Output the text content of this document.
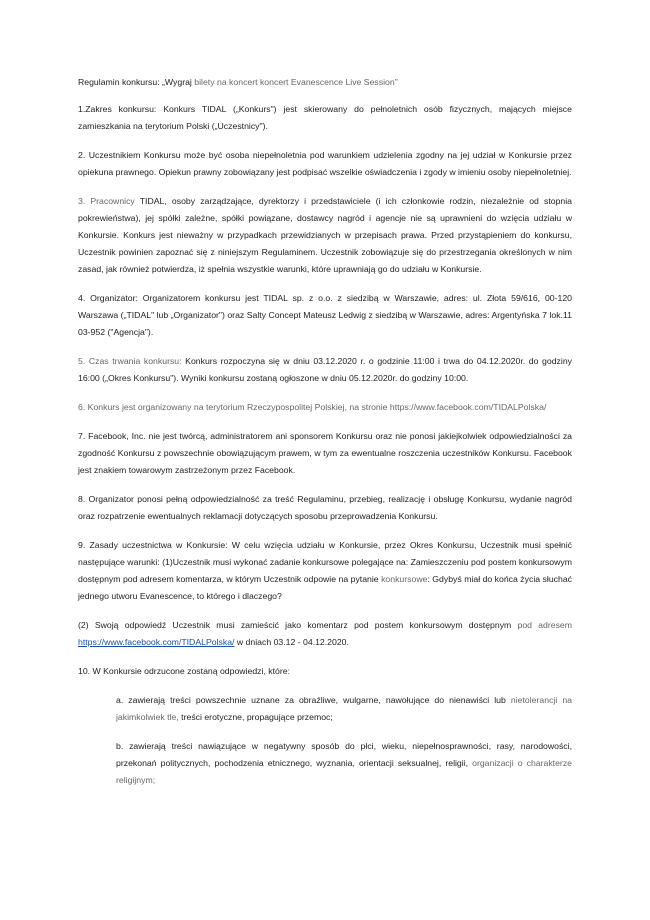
Regulamin konkursu: „Wygraj bilety na koncert koncert Evanescence Live Session"

1.Zakres konkursu: Konkurs TIDAL („Konkurs") jest skierowany do pełnoletnich osób fizycznych, mających miejsce zamieszkania na terytorium Polski („Uczestnicy").

2. Uczestnikiem Konkursu może być osoba niepełnoletnia pod warunkiem udzielenia zgodny na jej udział w Konkursie przez opiekuna prawnego. Opiekun prawny zobowiązany jest podpisać wszelkie oświadczenia i zgody w imieniu osoby niepełnoletniej.

3. Pracownicy TIDAL, osoby zarządzające, dyrektorzy i przedstawiciele (i ich członkowie rodzin, niezależnie od stopnia pokrewieństwa), jej spółki zależne, spółki powiązane, dostawcy nagród i agencje nie są uprawnieni do wzięcia udziału w Konkursie. Konkurs jest nieważny w przypadkach przewidzianych w przepisach prawa. Przed przystąpieniem do konkursu, Uczestnik powinien zapoznać się z niniejszym Regulaminem. Uczestnik zobowiązuje się do przestrzegania określonych w nim zasad, jak również potwierdza, iż spełnia wszystkie warunki, które uprawniają go do udziału w Konkursie.

4. Organizator: Organizatorem konkursu jest TIDAL sp. z o.o. z siedzibą w Warszawie, adres: ul. Złota 59/616, 00-120 Warszawa („TIDAL" lub „Organizator") oraz Salty Concept Mateusz Ledwig z siedzibą w Warszawie, adres: Argentyńska 7 lok.11 03-952 ("Agencja").

5. Czas trwania konkursu: Konkurs rozpoczyna się w dniu 03.12.2020 r. o godzinie 11:00 i trwa do 04.12.2020r. do godziny 16:00 („Okres Konkursu"). Wyniki konkursu zostaną ogłoszone w dniu 05.12.2020r. do godziny 10:00.

6. Konkurs jest organizowany na terytorium Rzeczypospolitej Polskiej, na stronie https://www.facebook.com/TIDALPolska/

7. Facebook, Inc. nie jest twórcą, administratorem ani sponsorem Konkursu oraz nie ponosi jakiejkolwiek odpowiedzialności za zgodność Konkursu z powszechnie obowiązującym prawem, w tym za ewentualne roszczenia uczestników Konkursu. Facebook jest znakiem towarowym zastrzeżonym przez Facebook.

8. Organizator ponosi pełną odpowiedzialność za treść Regulaminu, przebieg, realizację i obsługę Konkursu, wydanie nagród oraz rozpatrzenie ewentualnych reklamacji dotyczących sposobu przeprowadzenia Konkursu.

9. Zasady uczestnictwa w Konkursie: W celu wzięcia udziału w Konkursie, przez Okres Konkursu, Uczestnik musi spełnić następujące warunki: (1)Uczestnik musi wykonać zadanie konkursowe polegające na: Zamieszczeniu pod postem konkursowym dostępnym pod adresem komentarza, w którym Uczestnik odpowie na pytanie konkursowe: Gdybyś miał do końca życia słuchać jednego utworu Evanescence, to którego i dlaczego?

(2) Swoją odpowiedź Uczestnik musi zamieścić jako komentarz pod postem konkursowym dostępnym pod adresem https://www.facebook.com/TIDALPolska/ w dniach 03.12 - 04.12.2020.

10. W Konkursie odrzucone zostaną odpowiedzi, które:

a. zawierają treści powszechnie uznane za obraźliwe, wulgarne, nawołujące do nienawiści lub nietolerancji na jakimkolwiek tle, treści erotyczne, propagujące przemoc;

b. zawierają treści nawiązujące w negatywny sposób do płci, wieku, niepełnosprawności, rasy, narodowości, przekonań politycznych, pochodzenia etnicznego, wyznania, orientacji seksualnej, religii, organizacji o charakterze religijnym;
